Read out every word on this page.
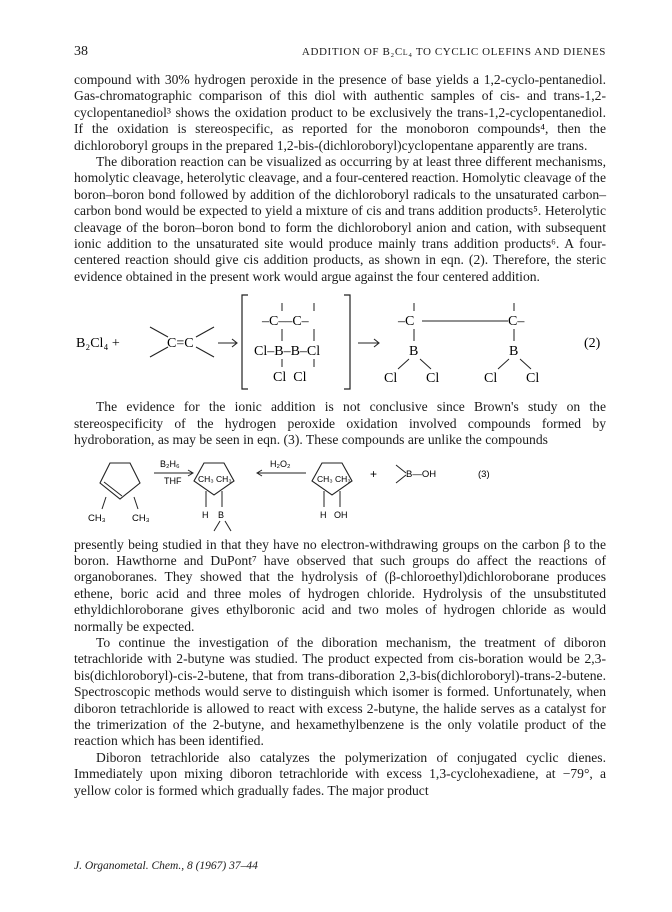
38	ADDITION OF B₂Cl₄ TO CYCLIC OLEFINS AND DIENES

compound with 30% hydrogen peroxide in the presence of base yields a 1,2-cyclo-pentanediol. Gas-chromatographic comparison of this diol with authentic samples of cis- and trans-1,2-cyclopentanediol³ shows the oxidation product to be exclusively the trans-1,2-cyclopentanediol. If the oxidation is stereospecific, as reported for the monoboron compounds⁴, then the dichloroboryl groups in the prepared 1,2-bis-(dichloroboryl)cyclopentane apparently are trans.

The diboration reaction can be visualized as occurring by at least three different mechanisms, homolytic cleavage, heterolytic cleavage, and a four-centered reaction. Homolytic cleavage of the boron–boron bond followed by addition of the dichloroboryl radicals to the unsaturated carbon–carbon bond would be expected to yield a mixture of cis and trans addition products⁵. Heterolytic cleavage of the boron–boron bond to form the dichloroboryl anion and cation, with subsequent ionic addition to the unsaturated site would produce mainly trans addition products⁶. A four-centered reaction should give cis addition products, as shown in eqn. (2). Therefore, the steric evidence obtained in the present work would argue against the four centered addition.

B₂Cl₄ +	C=C
–C––C–
Cl–B–B–Cl
Cl  Cl
–C	C–
B	B
Cl Cl	Cl Cl
(2)

The evidence for the ionic addition is not conclusive since Brown's study on the stereospecificity of the hydrogen peroxide oxidation involved compounds formed by hydroboration, as may be seen in eqn. (3). These compounds are unlike the compounds

CH₃	CH₃
B₂H₆
THF CH₃ CH₃
H B
H₂O₂
CH₃ CH₃
H OH
+	B—OH	(3)

presently being studied in that they have no electron-withdrawing groups on the carbon β to the boron. Hawthorne and DuPont⁷ have observed that such groups do affect the reactions of organoboranes. They showed that the hydrolysis of (β-chloroethyl)dichloroborane produces ethene, boric acid and three moles of hydrogen chloride. Hydrolysis of the unsubstituted ethyldichloroborane gives ethylboronic acid and two moles of hydrogen chloride as would normally be expected.

To continue the investigation of the diboration mechanism, the treatment of diboron tetrachloride with 2-butyne was studied. The product expected from cis-boration would be 2,3-bis(dichloroboryl)-cis-2-butene, that from trans-diboration 2,3-bis(dichloroboryl)-trans-2-butene. Spectroscopic methods would serve to distinguish which isomer is formed. Unfortunately, when diboron tetrachloride is allowed to react with excess 2-butyne, the halide serves as a catalyst for the trimerization of the 2-butyne, and hexamethylbenzene is the only volatile product of the reaction which has been identified.

Diboron tetrachloride also catalyzes the polymerization of conjugated cyclic dienes. Immediately upon mixing diboron tetrachloride with excess 1,3-cyclohexadiene, at −79°, a yellow color is formed which gradually fades. The major product

J. Organometal. Chem., 8 (1967) 37–44
